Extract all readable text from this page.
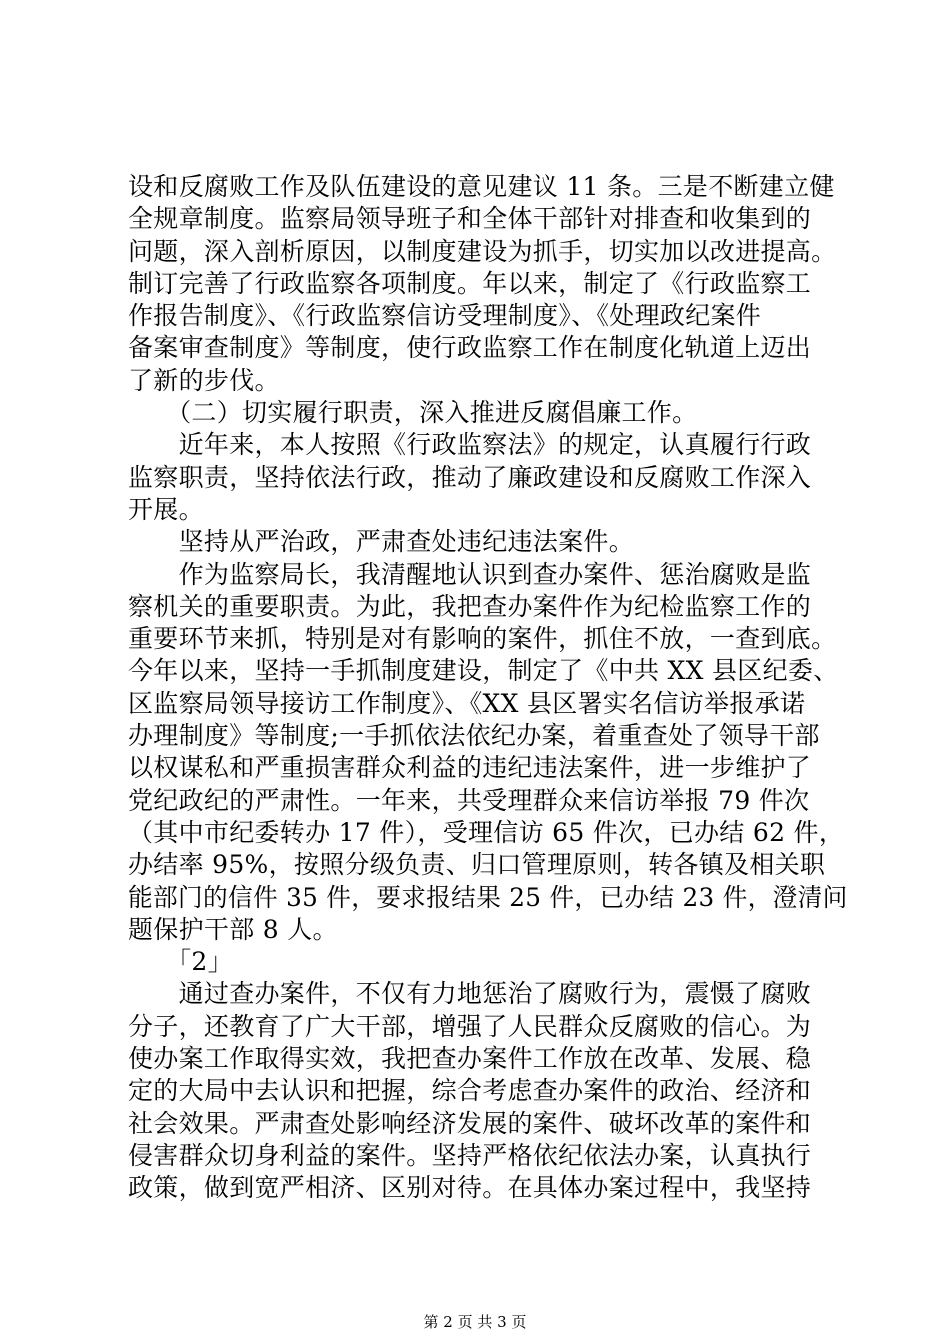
设和反腐败工作及队伍建设的意见建议 11 条。三是不断建立健
全规章制度。监察局领导班子和全体干部针对排查和收集到的
问题，深入剖析原因，以制度建设为抓手，切实加以改进提高。
制订完善了行政监察各项制度。年以来，制定了《行政监察工
作报告制度》、《行政监察信访受理制度》、《处理政纪案件
备案审查制度》等制度，使行政监察工作在制度化轨道上迈出
了新的步伐。
　　（二）切实履行职责，深入推进反腐倡廉工作。
　　近年来，本人按照《行政监察法》的规定，认真履行行政
监察职责，坚持依法行政，推动了廉政建设和反腐败工作深入
开展。
　　坚持从严治政，严肃查处违纪违法案件。
　　作为监察局长，我清醒地认识到查办案件、惩治腐败是监
察机关的重要职责。为此，我把查办案件作为纪检监察工作的
重要环节来抓，特别是对有影响的案件，抓住不放，一查到底。
今年以来，坚持一手抓制度建设，制定了《中共 XX 县区纪委、
区监察局领导接访工作制度》、《XX 县区署实名信访举报承诺
办理制度》等制度;一手抓依法依纪办案，着重查处了领导干部
以权谋私和严重损害群众利益的违纪违法案件，进一步维护了
党纪政纪的严肃性。一年来，共受理群众来信访举报 79 件次
（其中市纪委转办 17 件），受理信访 65 件次，已办结 62 件，
办结率 95%，按照分级负责、归口管理原则，转各镇及相关职
能部门的信件 35 件，要求报结果 25 件，已办结 23 件，澄清问
题保护干部 8 人。
　　「2」
　　通过查办案件，不仅有力地惩治了腐败行为，震慑了腐败
分子，还教育了广大干部，增强了人民群众反腐败的信心。为
使办案工作取得实效，我把查办案件工作放在改革、发展、稳
定的大局中去认识和把握，综合考虑查办案件的政治、经济和
社会效果。严肃查处影响经济发展的案件、破坏改革的案件和
侵害群众切身利益的案件。坚持严格依纪依法办案，认真执行
政策，做到宽严相济、区别对待。在具体办案过程中，我坚持
第 2 页 共 3 页
